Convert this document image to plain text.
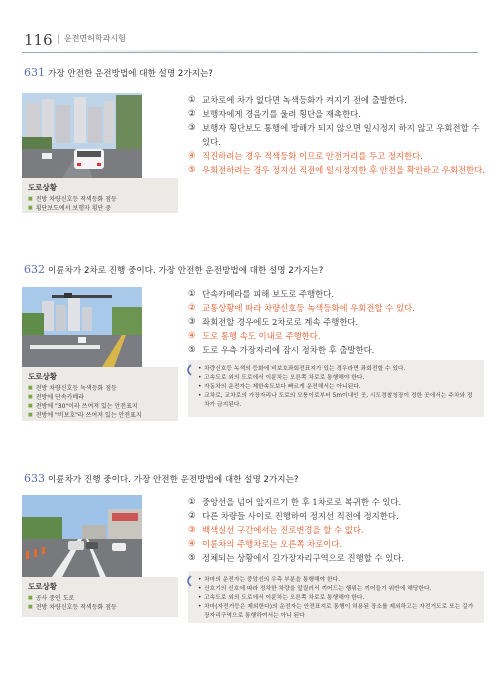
116 운전면허학과시험
631 가장 안전한 운전방법에 대한 설명 2가지는?
도로상황
■ 전방 차량신호등 적색등화 점등
■ 횡단보도에서 보행자 횡단 중
① 교차로에 차가 없다면 녹색등화가 켜지기 전에 출발한다.
② 보행자에게 경음기를 울려 횡단을 재촉한다.
③ 보행자 횡단보도 통행에 방해가 되지 않으면 일시정지 하지 않고 우회전할 수 있다.
④ 직진하려는 경우 적색등화 이므로 안전거리를 두고 정지한다.
⑤ 우회전하려는 경우 정지선 직전에 일시정지한 후 안전을 확인하고 우회전한다.
632 이륜차가 2차로 진행 중이다. 가장 안전한 운전방법에 대한 설명 2가지는?
도로상황
■ 전방 차량신호등 녹색등화 점등
■ 전방에 단속카메라
■ 전방에 "30"이라 쓰여져 있는 안전표지
■ 전방에 "비보호"라 쓰여져 있는 안전표지
① 단속카메라를 피해 보도로 주행한다.
② 교통상황에 따라 차량신호등 녹색등화에 우회전할 수 있다.
③ 좌회전할 경우에도 2차로로 계속 주행한다.
④ 도로 통행 속도 이내로 주행한다.
⑤ 도로 우측 가장자리에 잠시 정차한 후 출발한다.
• 차량신호등 녹색의 등화에 비보호좌회전표지가 있는 경우라면 좌회전할 수 있다.
• 고속도로 외의 도로에서 이륜차는 오른쪽 차로로 통행해야 한다.
• 자동차의 운전자는 제한속도보다 빠르게 운전해서는 아니된다.
• 교차로, 교차로의 가장자리나 도로의 모퉁이로부터 5m이내인 곳, 시도경찰청장이 정한 곳에서는 주차와 정차가 금지된다.
633 이륜차가 진행 중이다. 가장 안전한 운전방법에 대한 설명 2가지는?
도로상황
■ 공사 중인 도로
■ 전방 차량신호등 적색등화 점등
① 중앙선을 넘어 앞지르기 한 후 1차로로 복귀한 수 있다.
② 다른 차량들 사이로 진행하여 정지선 직전에 정지한다.
③ 백색실선 구간에서는 진로변경을 할 수 없다.
④ 이륜차의 주행차로는 오른쪽 차로이다.
⑤ 정체되는 상황에서 길가장자리구역으로 진행할 수 있다.
• 차마의 운전자는 중앙선의 우측 부분을 통행해야 한다.
• 신호기의 신호에 따라 정차한 차량을 앞질러서 끼어드는 행위는 끼어들기 위반에 해당한다.
• 고속도로 외의 도로에서 이륜차는 오른쪽 차로로 통행해야 한다.
• 차마(자전거등은 제외한다)의 운전자는 안전표지로 통행이 허용된 장소를 제외하고는 자전거도로 또는 길가장자리구역으로 통행하여서는 아니 된다
